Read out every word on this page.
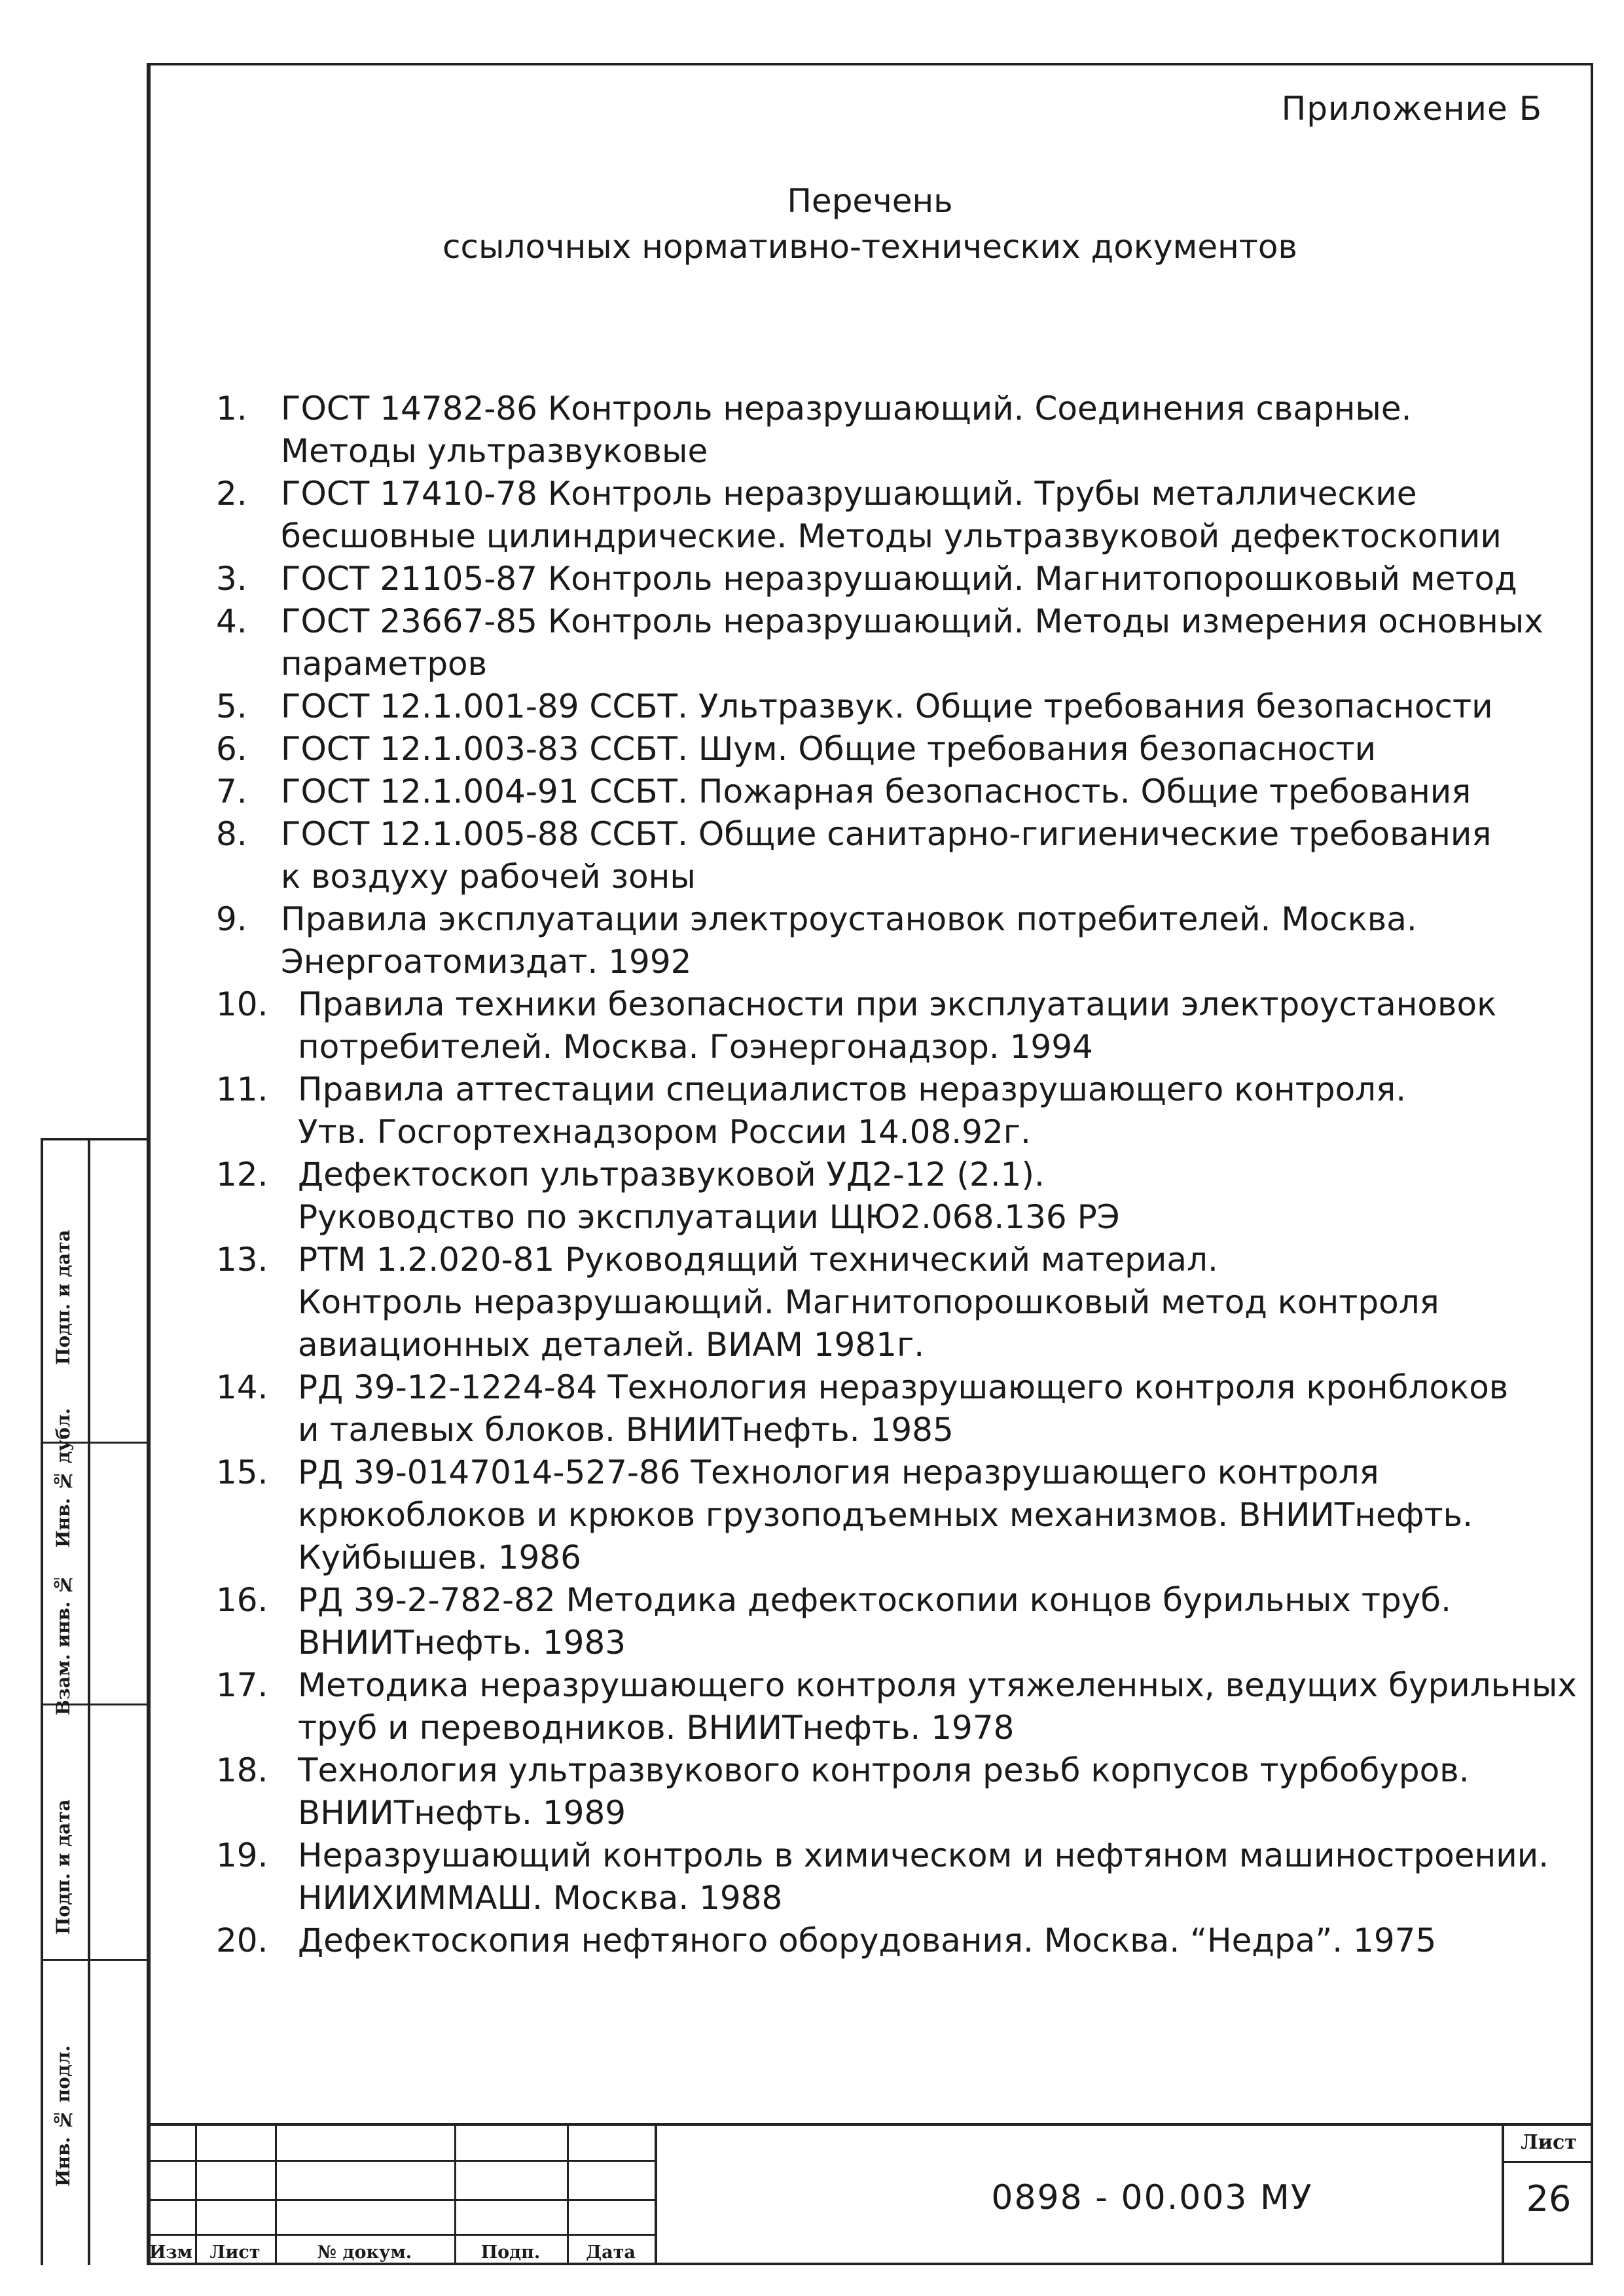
Приложение Б
Перечень
ссылочных нормативно-технических документов
1.	ГОСТ 14782-86 Контроль неразрушающий. Соединения сварные.
Методы ультразвуковые
2.	ГОСТ 17410-78 Контроль неразрушающий. Трубы металлические
бесшовные цилиндрические. Методы ультразвуковой дефектоскопии
3.	ГОСТ 21105-87 Контроль неразрушающий. Магнитопорошковый метод
4.	ГОСТ 23667-85 Контроль неразрушающий. Методы измерения основных
параметров
5.	ГОСТ 12.1.001-89 ССБТ. Ультразвук. Общие требования безопасности
6.	ГОСТ 12.1.003-83 ССБТ. Шум. Общие требования безопасности
7.	ГОСТ 12.1.004-91 ССБТ. Пожарная безопасность. Общие требования
8.	ГОСТ 12.1.005-88 ССБТ. Общие санитарно-гигиенические требования
к воздуху рабочей зоны
9.	Правила эксплуатации электроустановок потребителей. Москва.
Энергоатомиздат. 1992
10. Правила техники безопасности при эксплуатации электроустановок
потребителей. Москва. Гоэнергонадзор. 1994
11. Правила аттестации специалистов неразрушающего контроля.
Утв. Госгортехнадзором России 14.08.92г.
12. Дефектоскоп ультразвуковой УД2-12 (2.1).
Руководство по эксплуатации ЩЮ2.068.136 РЭ
13. РТМ 1.2.020-81 Руководящий технический материал.
Контроль неразрушающий. Магнитопорошковый метод контроля
авиационных деталей. ВИАМ 1981г.
14. РД 39-12-1224-84 Технология неразрушающего контроля кронблоков
и талевых блоков. ВНИИТнефть. 1985
15. РД 39-0147014-527-86 Технология неразрушающего контроля
крюкоблоков и крюков грузоподъемных механизмов. ВНИИТнефть.
Куйбышев. 1986
16. РД 39-2-782-82 Методика дефектоскопии концов бурильных труб.
ВНИИТнефть. 1983
17. Методика неразрушающего контроля утяжеленных, ведущих бурильных
труб и переводников. ВНИИТнефть. 1978
18. Технология ультразвукового контроля резьб корпусов турбобуров.
ВНИИТнефть. 1989
19. Неразрушающий контроль в химическом и нефтяном машиностроении.
НИИХИММАШ. Москва. 1988
20. Дефектоскопия нефтяного оборудования. Москва. “Недра”. 1975
Подп. и дата
Инв. № дубл.
Взам. инв. №
Подп. и дата
Инв. № подл.
Изм Лист	№ докум.	Подп.	Дата
0898 - 00.003 МУ
Лист
26
